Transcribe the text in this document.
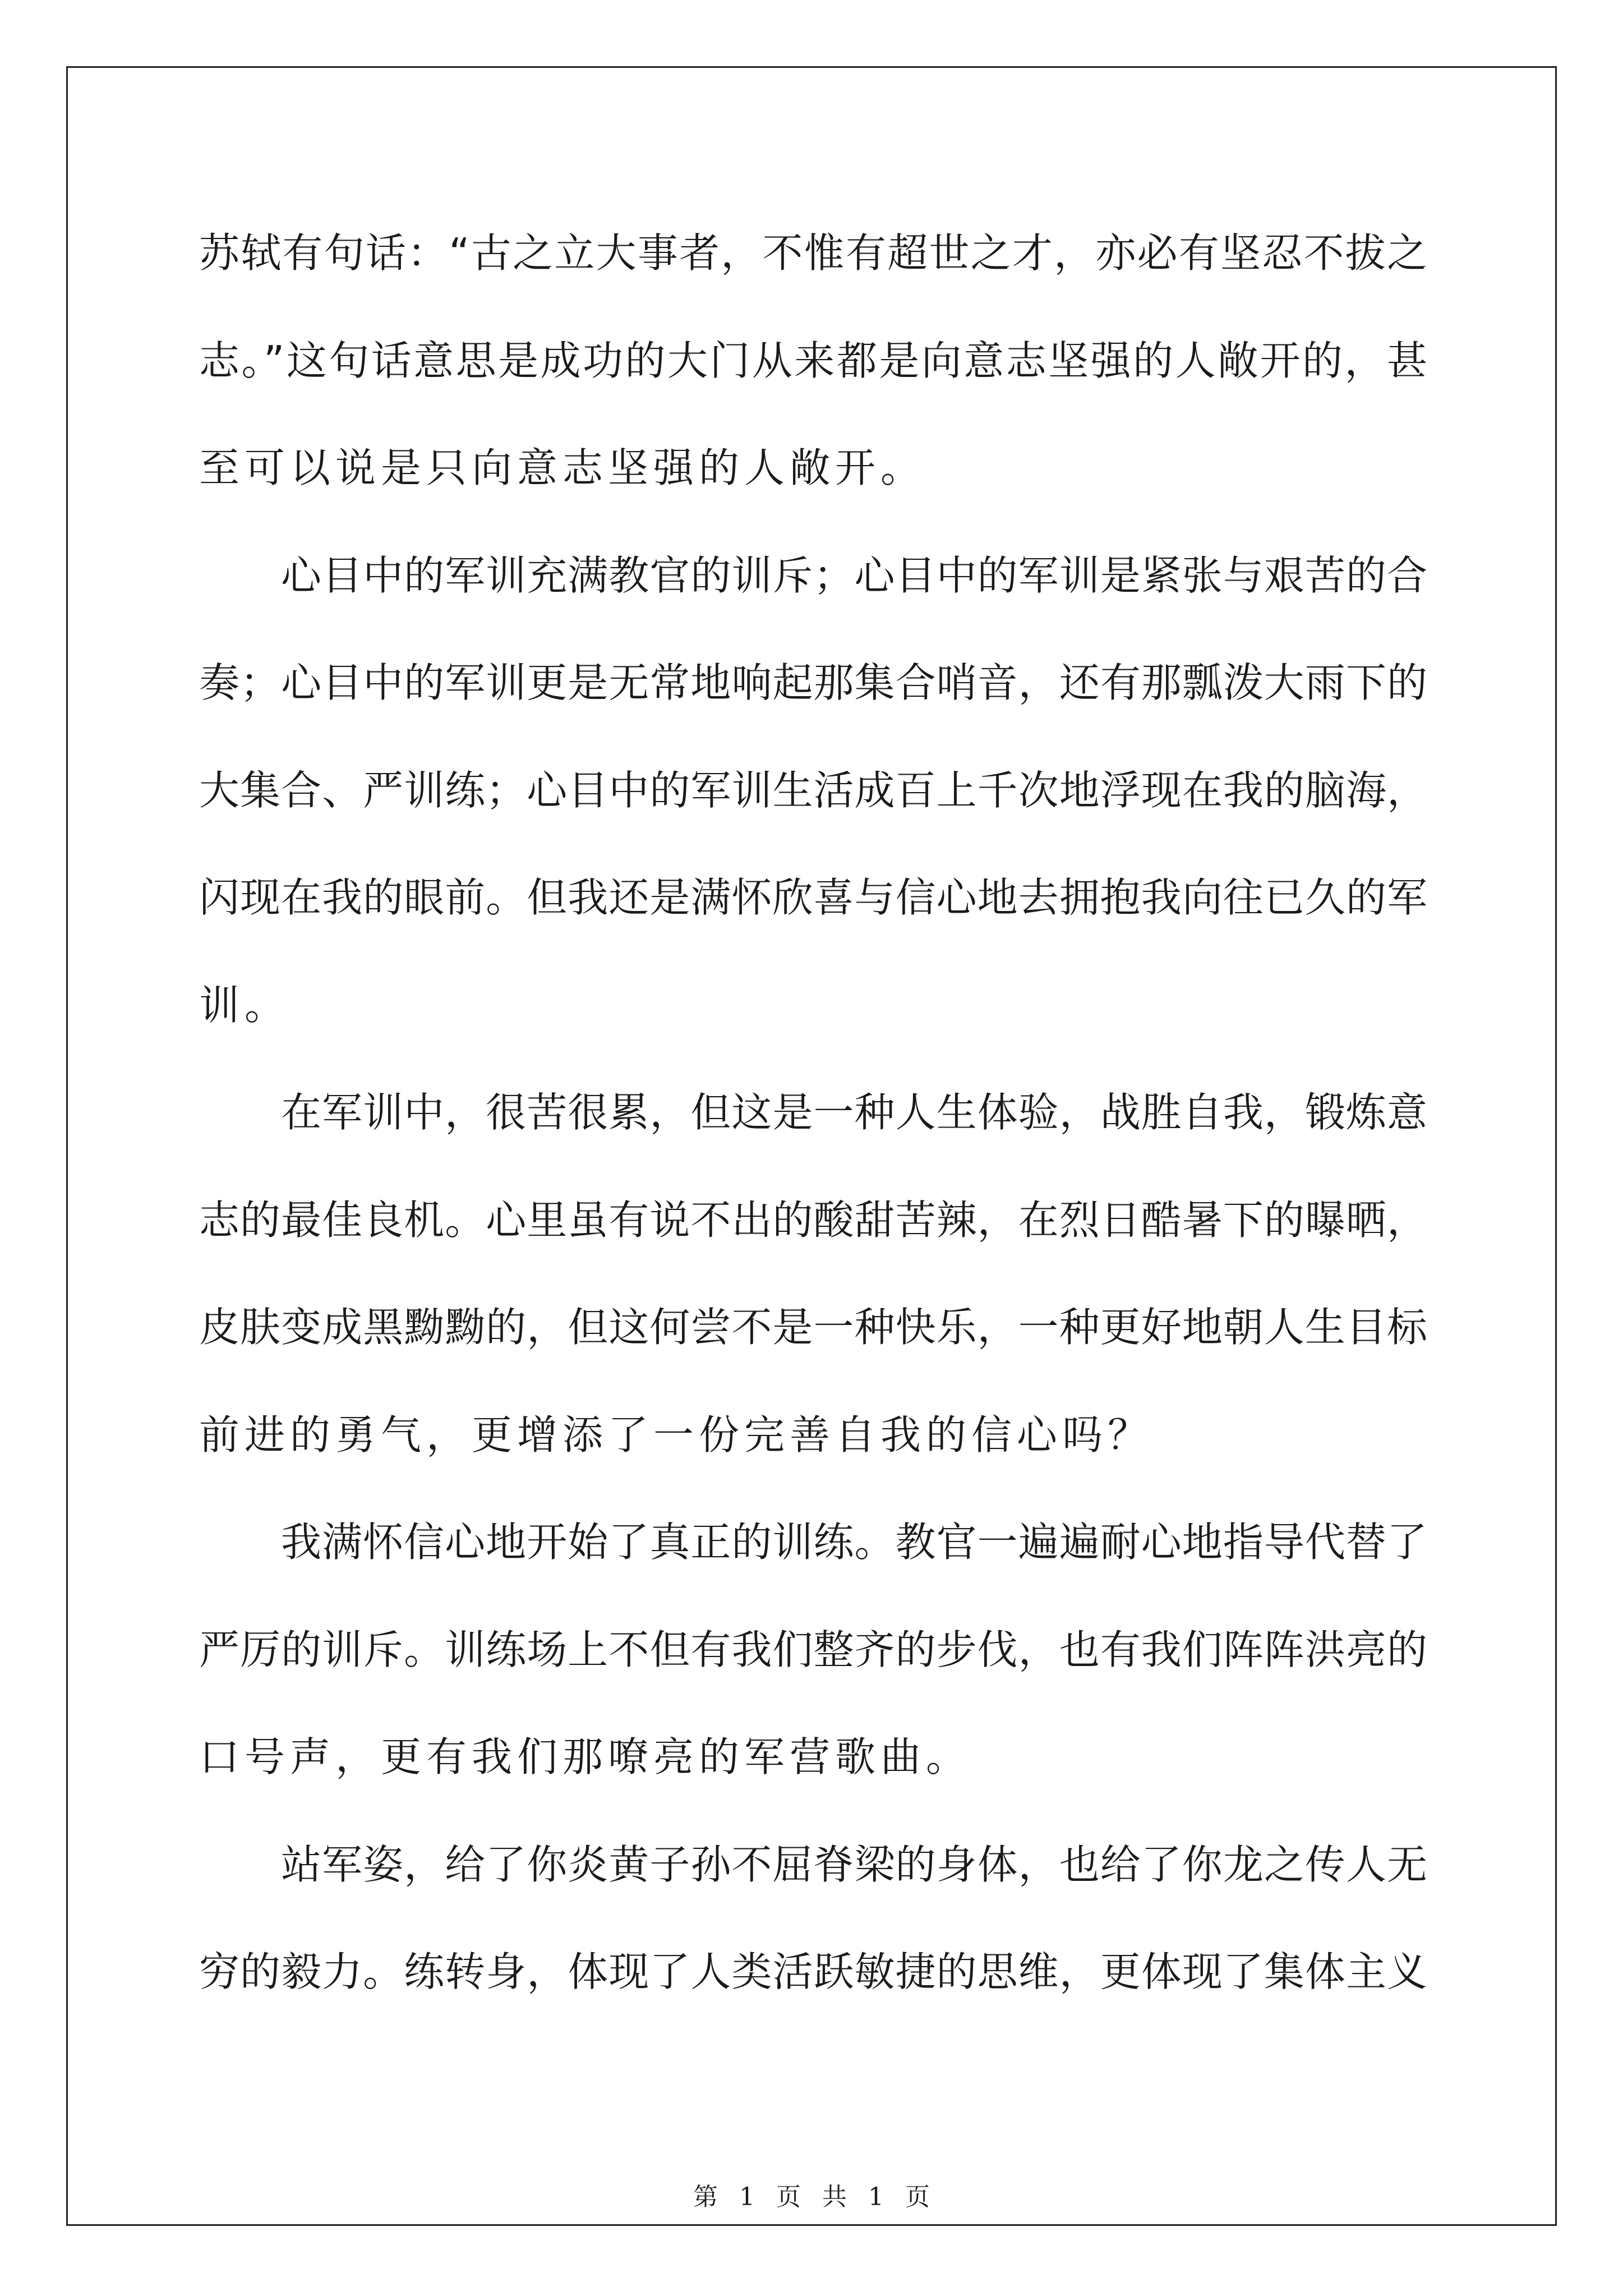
苏轼有句话：“古之立大事者，不惟有超世之才，亦必有坚忍不拔之
志。”这句话意思是成功的大门从来都是向意志坚强的人敞开的，甚
至可以说是只向意志坚强的人敞开。
心目中的军训充满教官的训斥；心目中的军训是紧张与艰苦的合
奏；心目中的军训更是无常地响起那集合哨音，还有那瓢泼大雨下的
大集合、严训练；心目中的军训生活成百上千次地浮现在我的脑海，
闪现在我的眼前。但我还是满怀欣喜与信心地去拥抱我向往已久的军
训。
在军训中，很苦很累，但这是一种人生体验，战胜自我，锻炼意
志的最佳良机。心里虽有说不出的酸甜苦辣，在烈日酷暑下的曝晒，
皮肤变成黑黝黝的，但这何尝不是一种快乐，一种更好地朝人生目标
前进的勇气，更增添了一份完善自我的信心吗？
我满怀信心地开始了真正的训练。教官一遍遍耐心地指导代替了
严厉的训斥。训练场上不但有我们整齐的步伐，也有我们阵阵洪亮的
口号声，更有我们那嘹亮的军营歌曲。
站军姿，给了你炎黄子孙不屈脊梁的身体，也给了你龙之传人无
穷的毅力。练转身，体现了人类活跃敏捷的思维，更体现了集体主义
第 1 页 共 1 页
